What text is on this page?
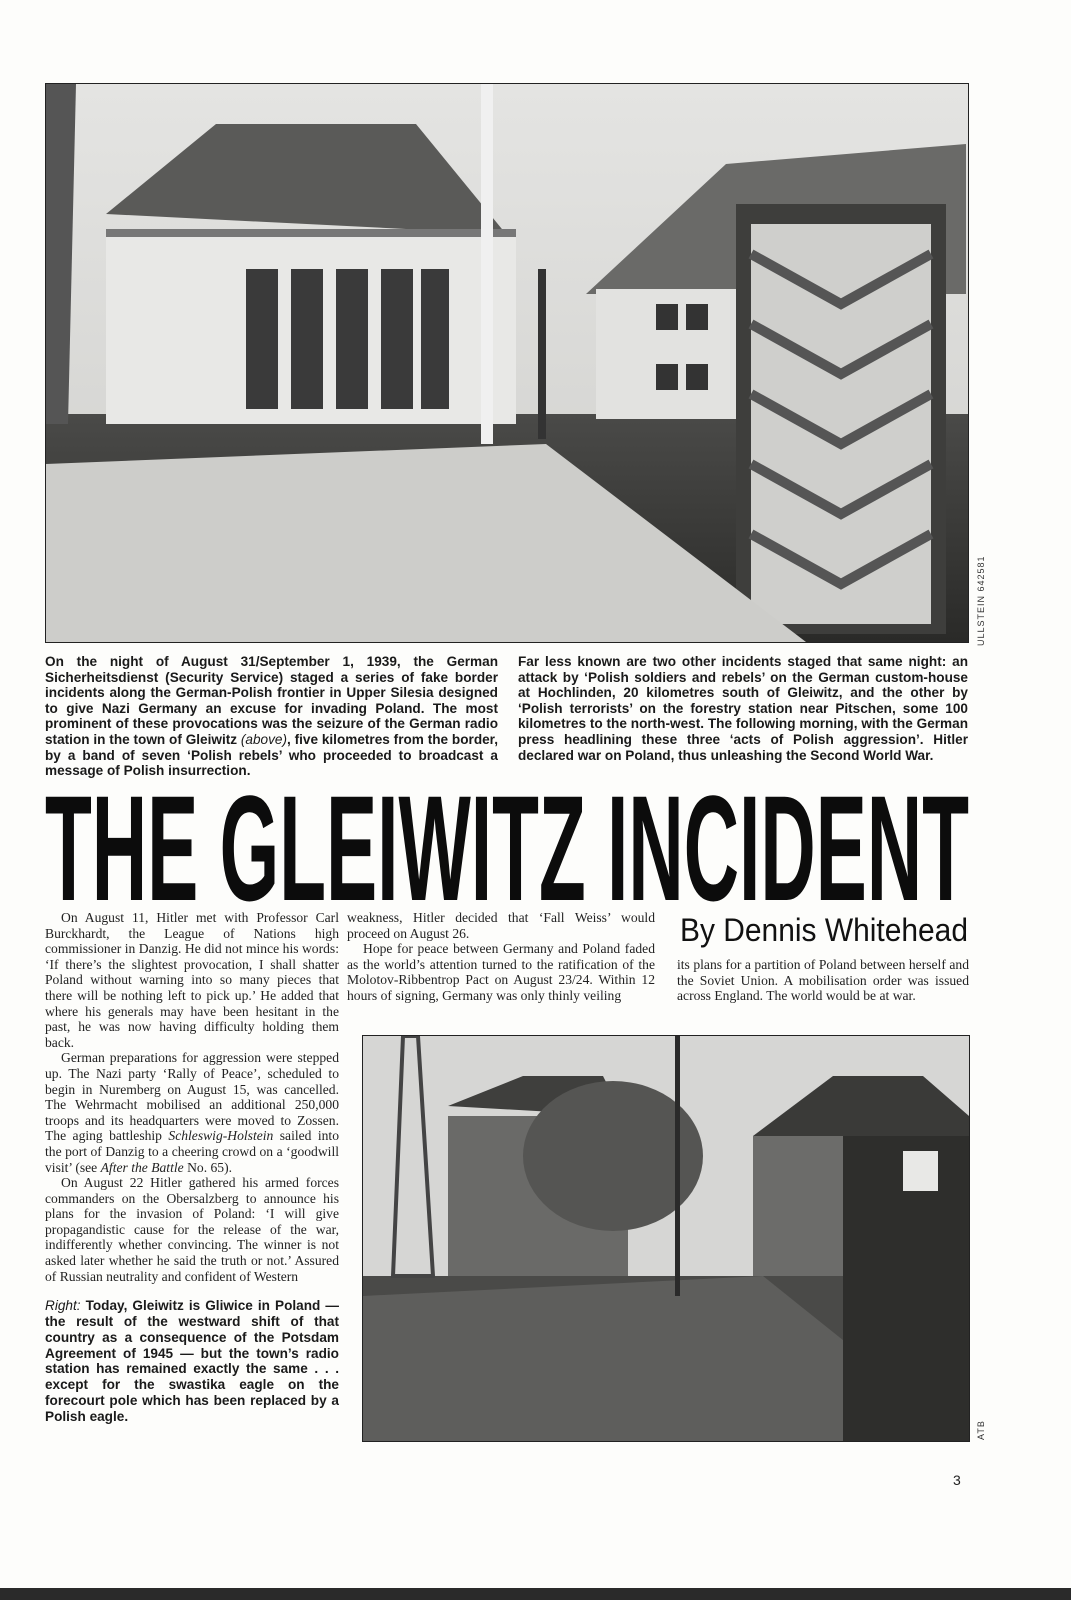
ULLSTEIN 642581
On the night of August 31/September 1, 1939, the German Sicherheitsdienst (Security Service) staged a series of fake border incidents along the German-Polish frontier in Upper Silesia designed to give Nazi Germany an excuse for invading Poland. The most prominent of these provocations was the seizure of the German radio station in the town of Gleiwitz (above), five kilometres from the border, by a band of seven ‘Polish rebels’ who proceeded to broadcast a message of Polish insurrection.
Far less known are two other incidents staged that same night: an attack by ‘Polish soldiers and rebels’ on the German custom-house at Hochlinden, 20 kilometres south of Gleiwitz, and the other by ‘Polish terrorists’ on the forestry station near Pitschen, some 100 kilometres to the north-west. The following morning, with the German press headlining these three ‘acts of Polish aggression’. Hitler declared war on Poland, thus unleashing the Second World War.
THE GLEIWITZ INCIDENT
By Dennis Whitehead

On August 11, Hitler met with Professor Carl Burckhardt, the League of Nations high commissioner in Danzig. He did not mince his words: ‘If there’s the slightest provocation, I shall shatter Poland without warning into so many pieces that there will be nothing left to pick up.’ He added that where his generals may have been hesitant in the past, he was now having difficulty holding them back.

German preparations for aggression were stepped up. The Nazi party ‘Rally of Peace’, scheduled to begin in Nuremberg on August 15, was cancelled. The Wehrmacht mobilised an additional 250,000 troops and its headquarters were moved to Zossen. The aging battleship Schleswig-Holstein sailed into the port of Danzig to a cheering crowd on a ‘goodwill visit’ (see After the Battle No. 65).

On August 22 Hitler gathered his armed forces commanders on the Obersalzberg to announce his plans for the invasion of Poland: ‘I will give propagandistic cause for the release of the war, indifferently whether convincing. The winner is not asked later whether he said the truth or not.’ Assured of Russian neutrality and confident of Western

Right: Today, Gleiwitz is Gliwice in Poland — the result of the westward shift of that country as a consequence of the Potsdam Agreement of 1945 — but the town’s radio station has remained exactly the same . . . except for the swastika eagle on the forecourt pole which has been replaced by a Polish eagle.

weakness, Hitler decided that ‘Fall Weiss’ would proceed on August 26.

Hope for peace between Germany and Poland faded as the world’s attention turned to the ratification of the Molotov-Ribbentrop Pact on August 23/24. Within 12 hours of signing, Germany was only thinly veiling

its plans for a partition of Poland between herself and the Soviet Union. A mobilisation order was issued across England. The world would be at war.

ATB
3
